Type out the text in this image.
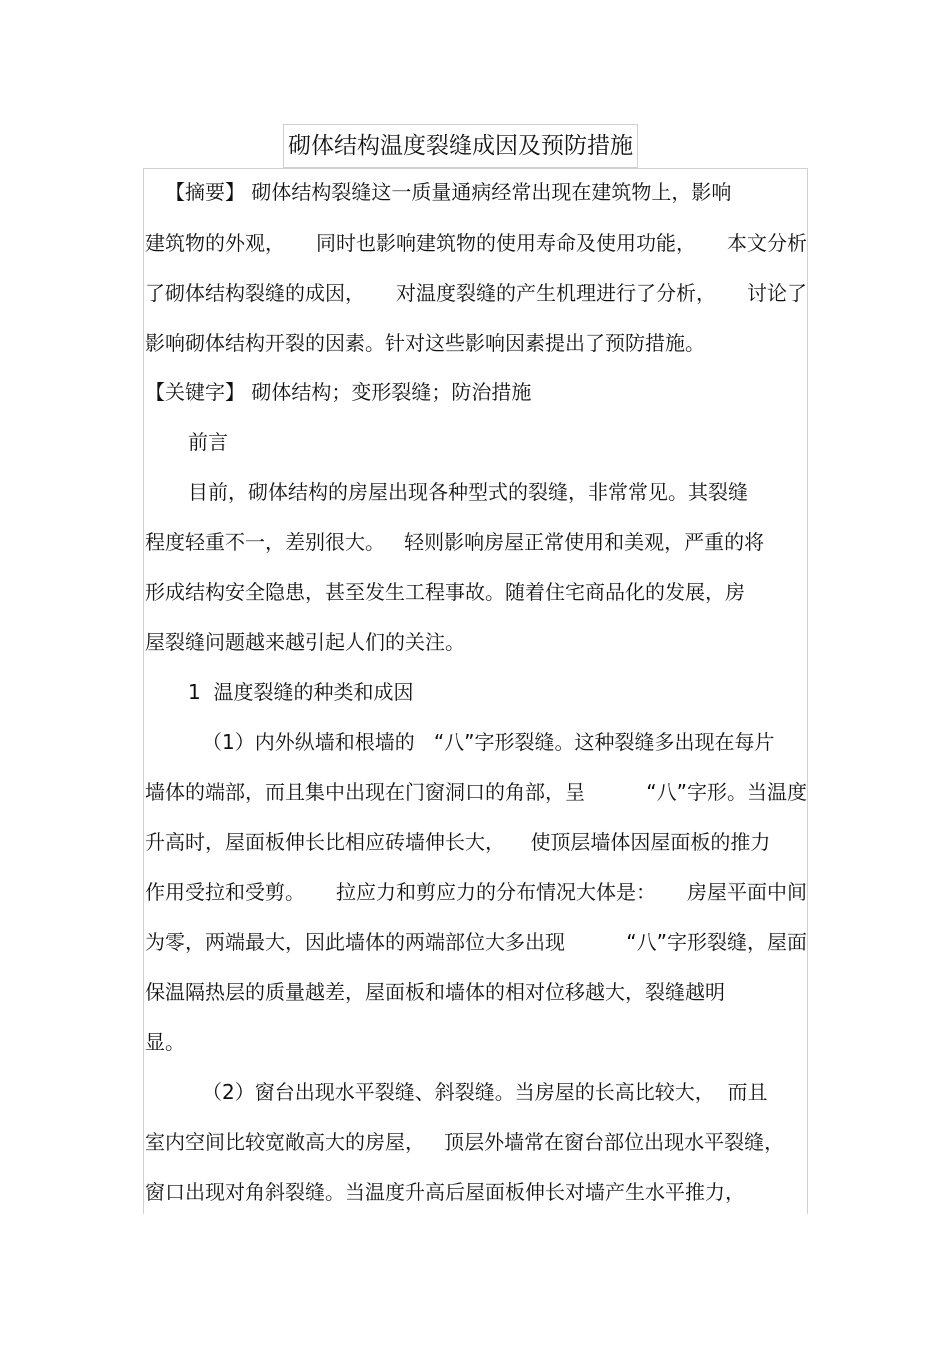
砌体结构温度裂缝成因及预防措施
【摘要】 砌体结构裂缝这一质量通病经常出现在建筑物上，影响
建筑物的外观， 同时也影响建筑物的使用寿命及使用功能， 本文分析
了砌体结构裂缝的成因， 对温度裂缝的产生机理进行了分析， 讨论了
影响砌体结构开裂的因素。针对这些影响因素提出了预防措施。
【关键字】 砌体结构；变形裂缝；防治措施
前言
目前，砌体结构的房屋出现各种型式的裂缝，非常常见。其裂缝
程度轻重不一，差别很大。 轻则影响房屋正常使用和美观，严重的将
形成结构安全隐患，甚至发生工程事故。随着住宅商品化的发展，房
屋裂缝问题越来越引起人们的关注。
1 温度裂缝的种类和成因
（1）内外纵墙和根墙的 “八”字形裂缝。这种裂缝多出现在每片
墙体的端部，而且集中出现在门窗洞口的角部，呈	“八”字形。当温度
升高时，屋面板伸长比相应砖墙伸长大， 使顶层墙体因屋面板的推力
作用受拉和受剪。 拉应力和剪应力的分布情况大体是： 房屋平面中间
为零，两端最大，因此墙体的两端部位大多出现	“八”字形裂缝，屋面
保温隔热层的质量越差，屋面板和墙体的相对位移越大，裂缝越明
显。
（2）窗台出现水平裂缝、斜裂缝。当房屋的长高比较大， 而且
室内空间比较宽敞高大的房屋， 顶层外墙常在窗台部位出现水平裂缝，
窗口出现对角斜裂缝。当温度升高后屋面板伸长对墙产生水平推力，
